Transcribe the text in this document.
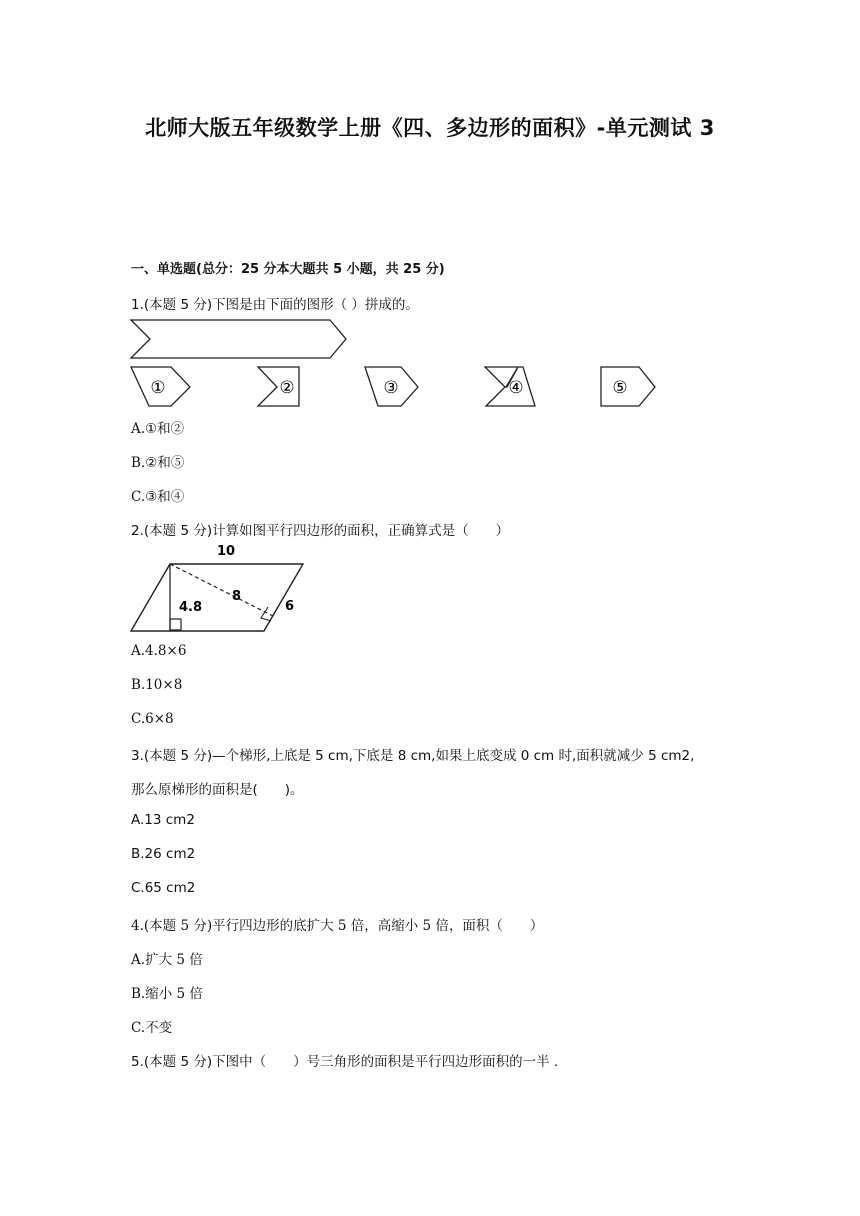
北师大版五年级数学上册《四、多边形的面积》-单元测试 3
一、单选题(总分：25 分本大题共 5 小题，共 25 分)
1.(本题 5 分)下图是由下面的图形（ ）拼成的。
①	②	③	④	⑤
A.①和②
B.②和⑤
C.③和④
2.(本题 5 分)计算如图平行四边形的面积，正确算式是（　　）
10
4.8
8
6
A.4.8×6
B.10×8
C.6×8
3.(本题 5 分)—个梯形,上底是 5 cm,下底是 8 cm,如果上底变成 0 cm 时,面积就减少 5 cm2,
那么原梯形的面积是(　　)。
A.13 cm2
B.26 cm2
C.65 cm2
4.(本题 5 分)平行四边形的底扩大 5 倍，高缩小 5 倍，面积（　　）
A.扩大 5 倍
B.缩小 5 倍
C.不变
5.(本题 5 分)下图中（　　）号三角形的面积是平行四边形面积的一半 .
